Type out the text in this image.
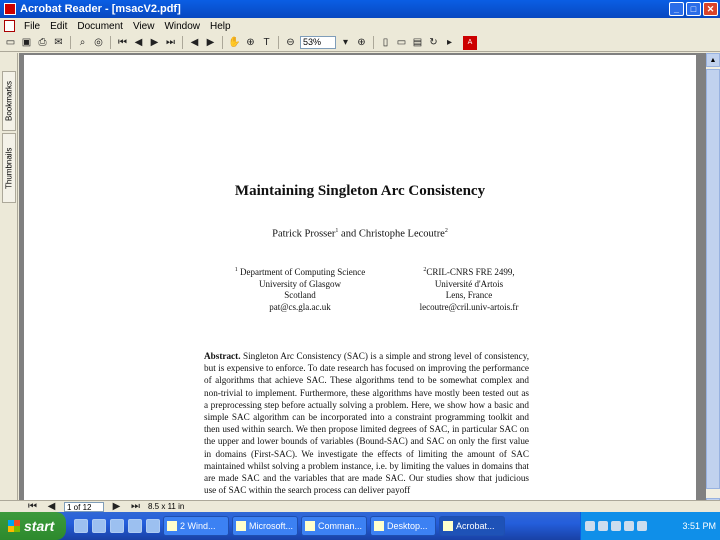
Acrobat Reader - [msacV2.pdf]	_	□	✕
File	Edit	Document	View	Window	Help
▭ ▣ ⎙ ✉	⌕ ◎ ⏮ ◀ ▶ ⏭ ◀ ▶ ✋ ⊕ T	⊖ 53%	▾ ⊕	▯ ▭ ▤ ↻ ▸	A
Bookmarks
Thumbnails
Maintaining Singleton Arc Consistency
Patrick Prosser$^1$ and Christophe Lecoutre$^2$
$^1$ Department of Computing Science
University of Glasgow
Scotland
pat@cs.gla.ac.uk
$^2$CRIL-CNRS FRE 2499,
Université d'Artois
Lens, France
lecoutre@cril.univ-artois.fr
Abstract. Singleton Arc Consistency (SAC) is a simple and strong level of consistency, but is expensive to enforce. To date research has focused on improving the performance of algorithms that achieve SAC. These algorithms tend to be somewhat complex and non-trivial to implement. Furthermore, these algorithms have mostly been tested out as a preprocessing step before actually solving a problem. Here, we show how a basic and simple SAC algorithm can be incorporated into a constraint programming toolkit and then used within search. We then propose limited degrees of SAC, in particular SAC on the upper and lower bounds of variables (Bound-SAC) and SAC on only the first value in domains (First-SAC). We investigate the effects of limiting the amount of SAC maintained whilst solving a problem instance, i.e. by limiting the values in domains that are made SAC and the variables that are made SAC. Our studies show that judicious use of SAC within the search process can deliver payoff
▲
⏮ ◀	1 of 12	▶ ⏭ 8.5 x 11 in
start	2 Wind...	Microsoft...	Comman...	Desktop...	Acrobat...	3:51 PM
